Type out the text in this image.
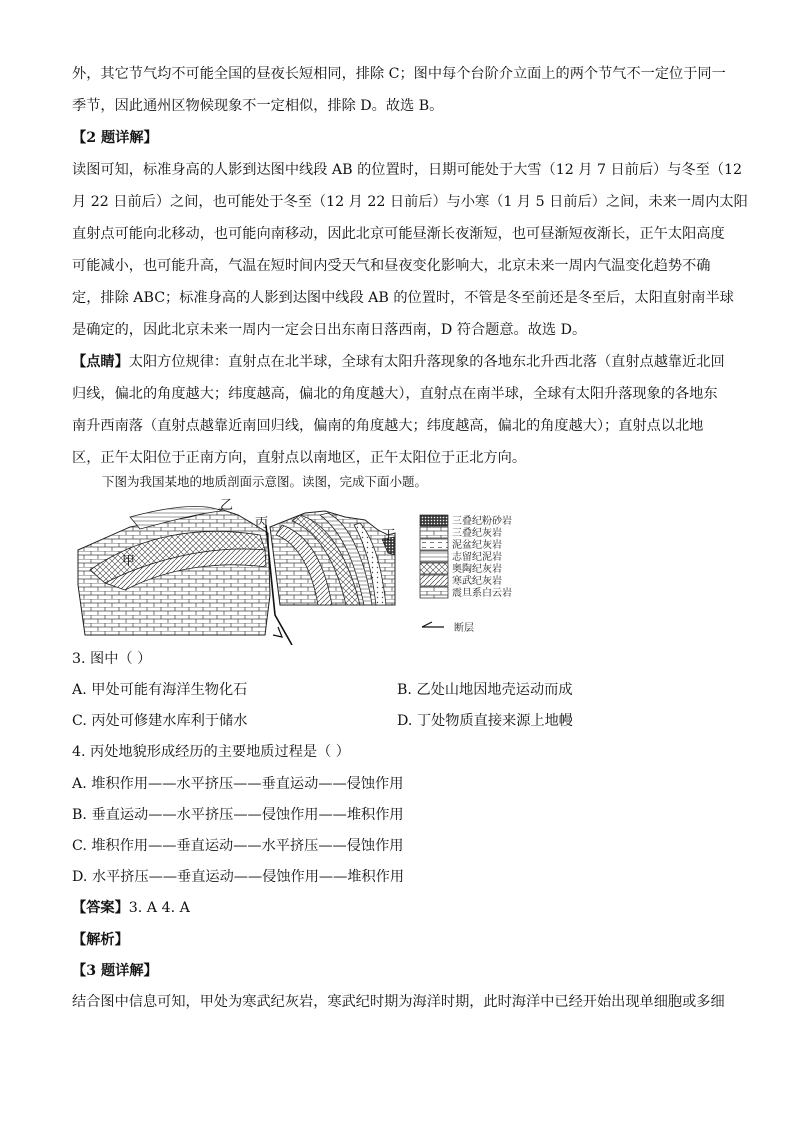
外，其它节气均不可能全国的昼夜长短相同，排除 C；图中每个台阶介立面上的两个节气不一定位于同一
季节，因此通州区物候现象不一定相似，排除 D。故选 B。
【2 题详解】
读图可知，标准身高的人影到达图中线段 AB 的位置时，日期可能处于大雪（12 月 7 日前后）与冬至（12
月 22 日前后）之间，也可能处于冬至（12 月 22 日前后）与小寒（1 月 5 日前后）之间，未来一周内太阳
直射点可能向北移动，也可能向南移动，因此北京可能昼渐长夜渐短，也可昼渐短夜渐长，正午太阳高度
可能减小，也可能升高，气温在短时间内受天气和昼夜变化影响大，北京未来一周内气温变化趋势不确
定，排除 ABC；标准身高的人影到达图中线段 AB 的位置时，不管是冬至前还是冬至后，太阳直射南半球
是确定的，因此北京未来一周内一定会日出东南日落西南，D 符合题意。故选 D。
【点睛】太阳方位规律：直射点在北半球，全球有太阳升落现象的各地东北升西北落（直射点越靠近北回
归线，偏北的角度越大；纬度越高，偏北的角度越大），直射点在南半球，全球有太阳升落现象的各地东
南升西南落（直射点越靠近南回归线，偏南的角度越大；纬度越高，偏北的角度越大）；直射点以北地
区，正午太阳位于正南方向，直射点以南地区，正午太阳位于正北方向。
下图为我国某地的地质剖面示意图。读图，完成下面小题。
甲
乙
丙
丁
三叠纪粉砂岩
三叠纪灰岩
泥盆纪灰岩
志留纪泥岩
奥陶纪灰岩
寒武纪灰岩
震旦系白云岩
断层
3. 图中（ ）
A. 甲处可能有海洋生物化石	B. 乙处山地因地壳运动而成
C. 丙处可修建水库利于储水	D. 丁处物质直接来源上地幔
4. 丙处地貌形成经历的主要地质过程是（ ）
A. 堆积作用——水平挤压——垂直运动——侵蚀作用
B. 垂直运动——水平挤压——侵蚀作用——堆积作用
C. 堆积作用——垂直运动——水平挤压——侵蚀作用
D. 水平挤压——垂直运动——侵蚀作用——堆积作用
【答案】3. A 4. A
【解析】
【3 题详解】
结合图中信息可知，甲处为寒武纪灰岩，寒武纪时期为海洋时期，此时海洋中已经开始出现单细胞或多细
